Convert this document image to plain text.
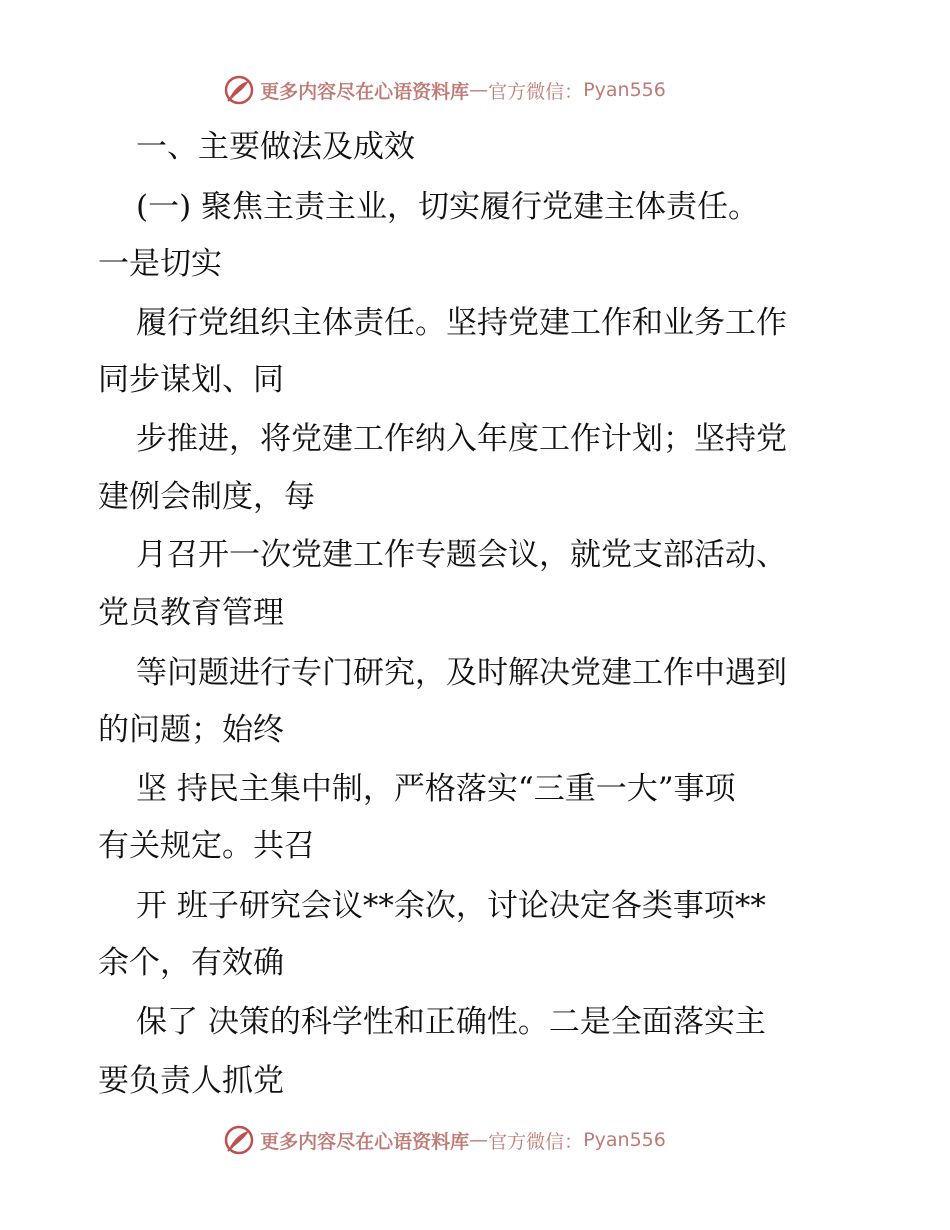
更多内容尽在心语资料库 — 官方微信： Pyan556
一、主要做法及成效
(一) 聚焦主责主业，切实履行党建主体责任。
一是切实
履行党组织主体责任。坚持党建工作和业务工作
同步谋划、同
步推进，将党建工作纳入年度工作计划；坚持党
建例会制度，每
月召开一次党建工作专题会议，就党支部活动、
党员教育管理
等问题进行专门研究，及时解决党建工作中遇到
的问题；始终
坚 持民主集中制，严格落实“三重一大”事项
有关规定。共召
开 班子研究会议**余次，讨论决定各类事项**
余个，有效确
保了 决策的科学性和正确性。二是全面落实主
要负责人抓党
更多内容尽在心语资料库 — 官方微信： Pyan556
